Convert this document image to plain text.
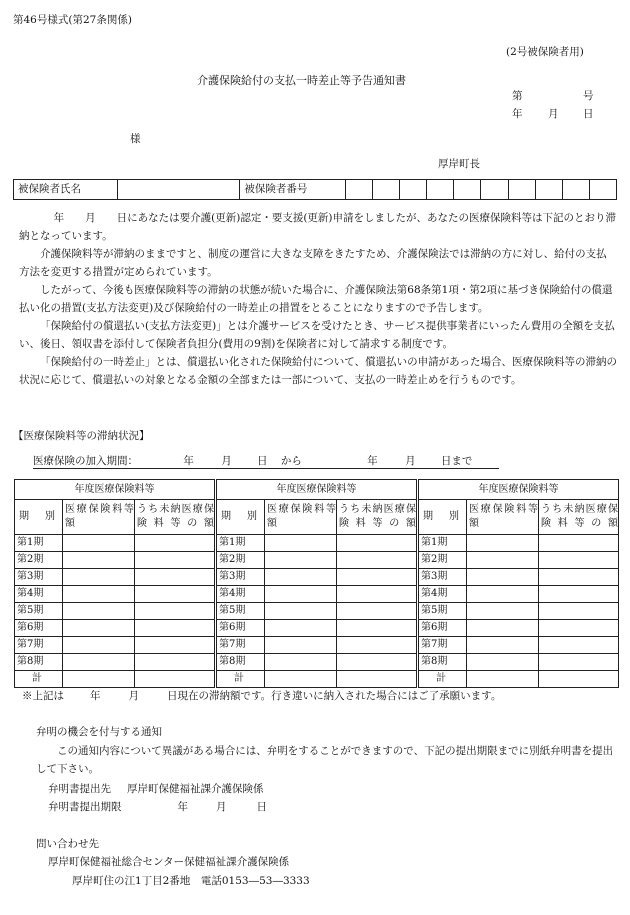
第46号様式(第27条関係)
(2号被保険者用)
介護保険給付の支払一時差止等予告通知書
第	号
年 月 日
様
厚岸町長
被保険者氏名		被保険者番号										
年　　月　　日にあなたは要介護(更新)認定・要支援(更新)申請をしましたが、あなたの医療保険料等は下記のとおり滞納となっています。
介護保険料等が滞納のままですと、制度の運営に大きな支障をきたすため、介護保険法では滞納の方に対し、給付の支払方法を変更する措置が定められています。
したがって、今後も医療保険料等の滞納の状態が続いた場合に、介護保険法第68条第1項・第2項に基づき保険給付の償還払い化の措置(支払方法変更)及び保険給付の一時差止の措置をとることになりますので予告します。
「保険給付の償還払い(支払方法変更)」とは介護サービスを受けたとき、サービス提供事業者にいったん費用の全額を支払い、後日、領収書を添付して保険者負担分(費用の9割)を保険者に対して請求する制度です。
「保険給付の一時差止」とは、償還払い化された保険給付について、償還払いの申請があった場合、医療保険料等の滞納の状況に応じて、償還払いの対象となる金額の全部または一部について、支払の一時差止めを行うものです。
【医療保険料等の滞納状況】
医療保険の加入期間：	年	月 日 から	年	月 日まで
年度医療保険料等		
期　別	医療保険料等額	うち未納医療保険料等の額

第1期		
第2期		
第3期		
第4期		
第5期		
第6期		
第7期		
第8期		
計		
年度医療保険料等		
期　別	医療保険料等額	うち未納医療保険料等の額

第1期		
第2期		
第3期		
第4期		
第5期		
第6期		
第7期		
第8期		
計		
年度医療保険料等		
期　別	医療保険料等額	うち未納医療保険料等の額

第1期		
第2期		
第3期		
第4期		
第5期		
第6期		
第7期		
第8期		
計		
※上記は 年	月	日現在の滞納額です。行き違いに納入された場合にはご了承願います。
弁明の機会を付与する通知
この通知内容について異議がある場合には、弁明をすることができますので、下記の提出期限までに別紙弁明書を提出して下さい。
弁明書提出先 厚岸町保健福祉課介護保険係
弁明書提出期限	年	月	日
問い合わせ先
厚岸町保健福祉総合センター保健福祉課介護保険係
厚岸町住の江1丁目2番地　電話0153―53―3333
